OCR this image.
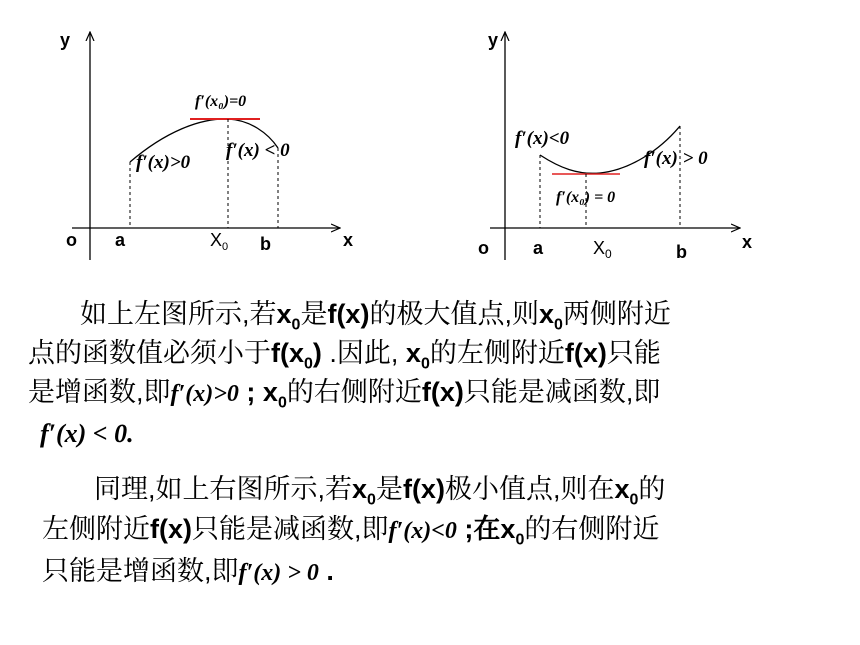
y
x
o a	b
$X_0$
f′(x₀)=0
f′(x)>0
f′(x) < 0
y
x
o a	b
$X_0$
f′(x)<0
f′(x) > 0
f′(x₀) = 0
如上左图所示,若$x_0$是f(x)的极大值点,则$x_0$两侧附近
点的函数值必须小于$f(x_0)$ .因此, $x_0$的左侧附近f(x)只能
是增函数,即f′(x)>0 ; $x_0$的右侧附近f(x)只能是减函数,即
f′(x) < 0.
同理,如上右图所示,若$x_0$是f(x)极小值点,则在$x_0$的
左侧附近f(x)只能是减函数,即f′(x)<0 ;在$x_0$的右侧附近
只能是增函数,即f′(x) > 0 .
